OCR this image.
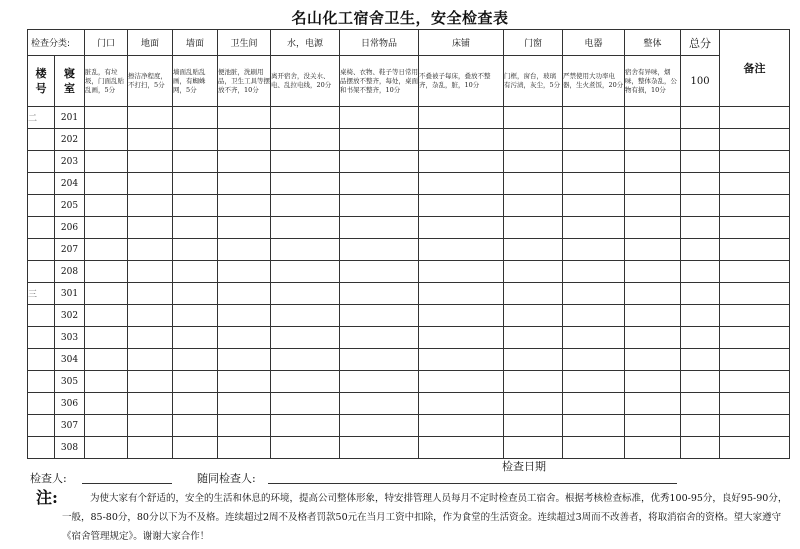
名山化工宿舍卫生，安全检查表
检查分类:		门口	地面	墙面	卫生间	水，电源	日常物品	床铺	门窗	电器	整体	总分	备注
楼
号	寝
室	脏乱，有垃圾，门面乱贴乱画，5分	擦洁净程度，不打扫，5分	墙面乱贴乱画，有蜘蛛网，5分	便池脏，洗刷用品，卫生工具等摆放不齐，10分	离开宿舍，没关水、电、乱拉电线，20分	桌椅、衣物、鞋子等日常用品摆放不整齐，每处，桌面和书架不整齐，10分	不叠被子每床，叠放不整齐，杂乱，脏，10分	门框，窗台，玻璃有污渍，灰尘，5分	严禁使用大功率电器，生火煮饭，20分	宿舍有异味，烟味，整体杂乱，公物有损，10分	100	
二	201												
	202												
	203												
	204												
	205												
	206												
	207												
	208												
三	301												
	302												
	303												
	304												
	305												
	306												
	307												
	308												
检查人:	随同检查人:
检查日期
注:	为使大家有个舒适的，安全的生活和休息的环境，提高公司整体形象，特安排管理人员每月不定时检查员工宿舍。根据考核检查标准，优秀100-95分，良好95-90分，一般，85-80分，80分以下为不及格。连续超过2周不及格者罚款50元在当月工资中扣除，作为食堂的生活资金。连续超过3周而不改善者，将取消宿舍的资格。望大家遵守《宿舍管理规定》。谢谢大家合作！
